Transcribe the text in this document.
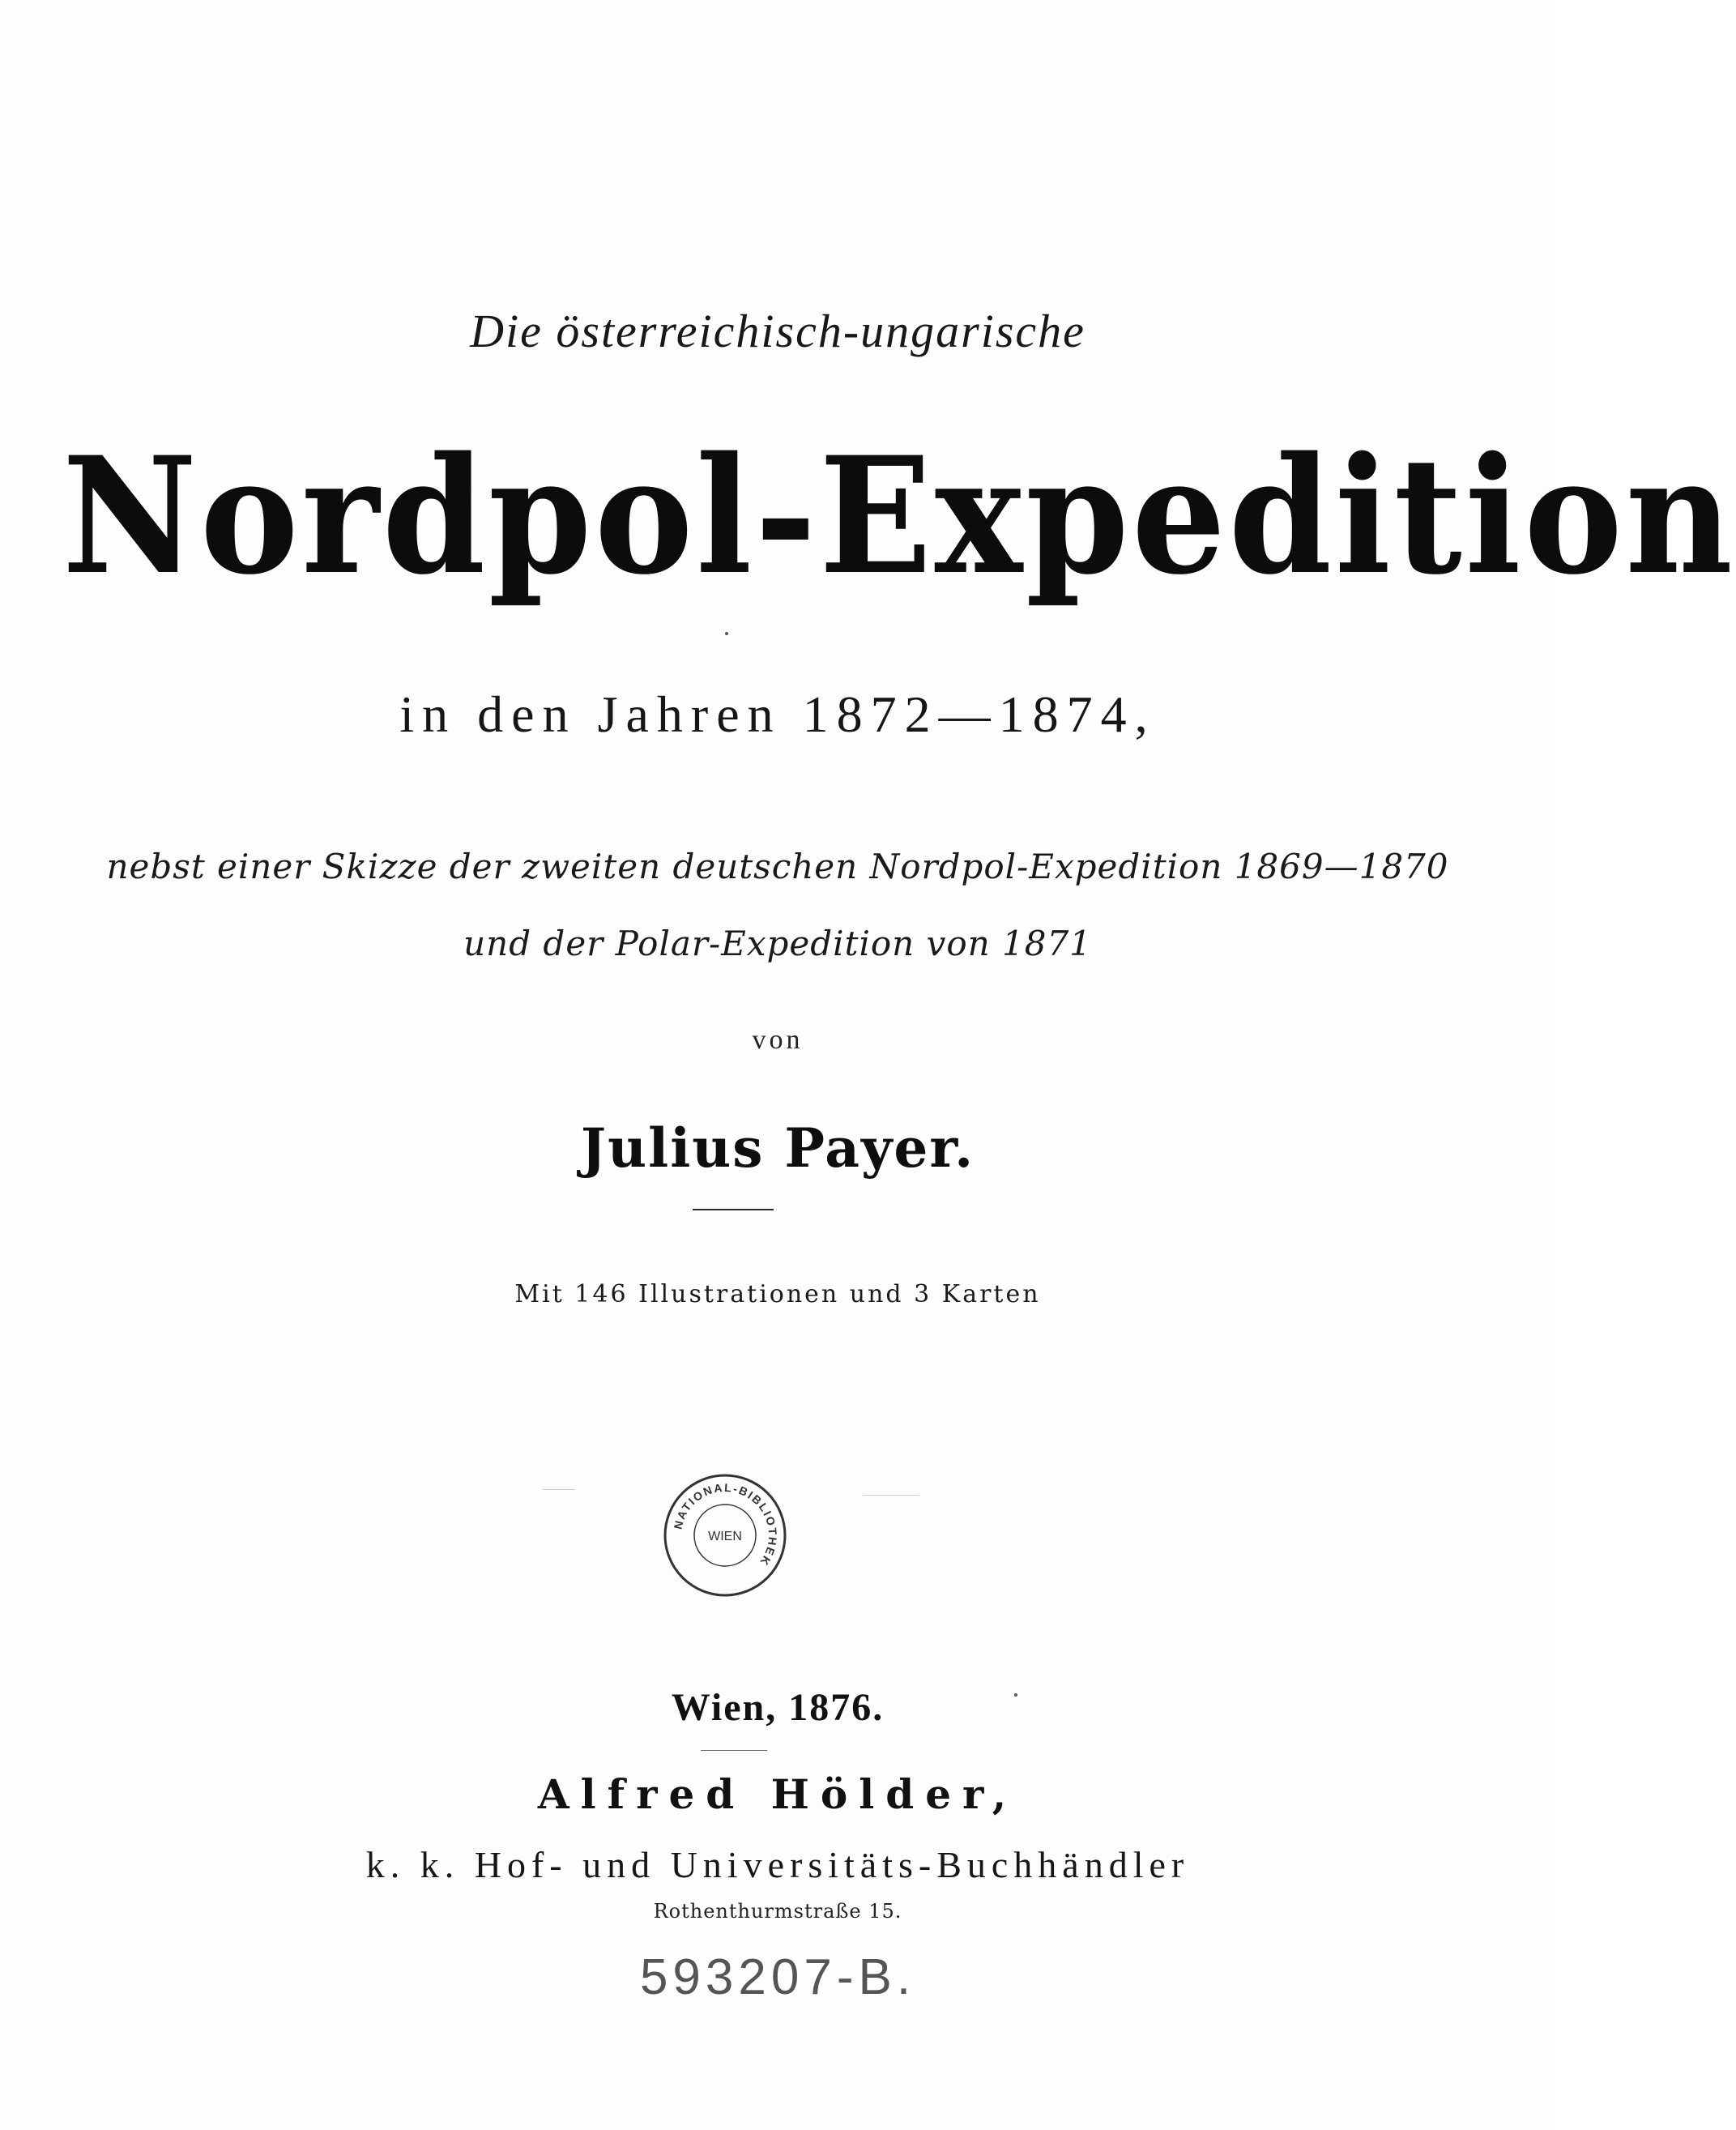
Die österreichisch-ungarische
Nordpol-Expedition
in den Jahren 1872—1874,
nebst einer Skizze der zweiten deutschen Nordpol-Expedition 1869—1870
und der Polar-Expedition von 1871
von
Julius Payer.
Mit 146 Illustrationen und 3 Karten
NATIONAL-BIBLIOTHEK
WIEN
Wien, 1876.
Alfred Hölder,
k. k. Hof- und Universitäts-Buchhändler
Rothenthurmstraße 15.
593207-B.
